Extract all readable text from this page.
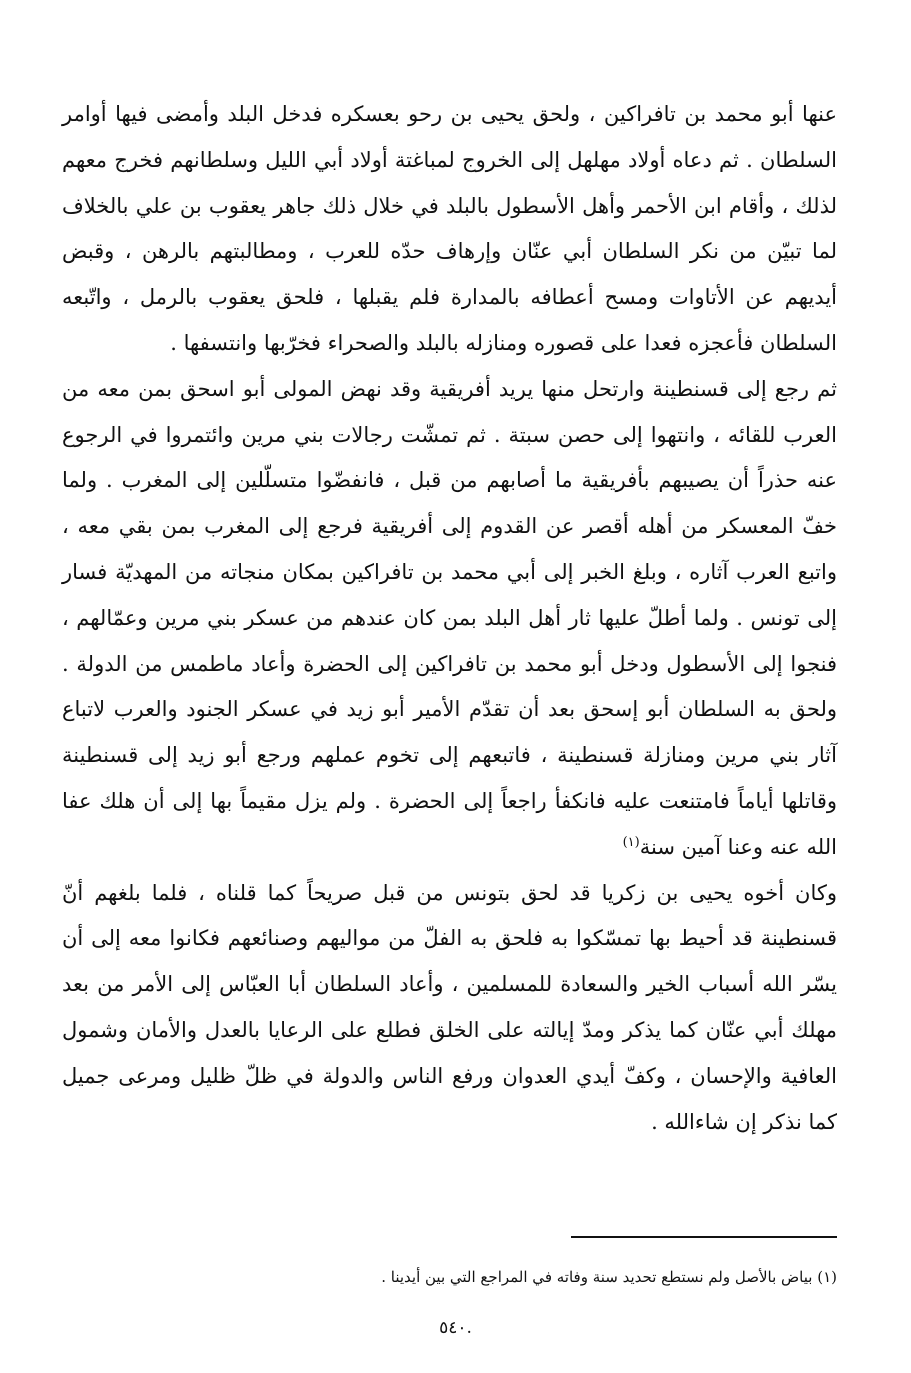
عنها أبو محمد بن تافراكين ، ولحق يحيى بن رحو بعسكره فدخل البلد وأمضى فيها أوامر السلطان . ثم دعاه أولاد مهلهل إلى الخروج لمباغتة أولاد أبي الليل وسلطانهم فخرج معهم لذلك ، وأقام ابن الأحمر وأهل الأسطول بالبلد في خلال ذلك جاهر يعقوب بن علي بالخلاف لما تبيّن من نكر السلطان أبي عنّان وإرهاف حدّه للعرب ، ومطالبتهم بالرهن ، وقبض أيديهم عن الأتاوات ومسح أعطافه بالمدارة فلم يقبلها ، فلحق يعقوب بالرمل ، واتّبعه السلطان فأعجزه فعدا على قصوره ومنازله بالبلد والصحراء فخرّبها وانتسفها .

ثم رجع إلى قسنطينة وارتحل منها يريد أفريقية وقد نهض المولى أبو اسحق بمن معه من العرب للقائه ، وانتهوا إلى حصن سبتة . ثم تمشّت رجالات بني مرين وائتمروا في الرجوع عنه حذراً أن يصيبهم بأفريقية ما أصابهم من قبل ، فانفضّوا متسلّلين إلى المغرب . ولما خفّ المعسكر من أهله أقصر عن القدوم إلى أفريقية فرجع إلى المغرب بمن بقي معه ، واتبع العرب آثاره ، وبلغ الخبر إلى أبي محمد بن تافراكين بمكان منجاته من المهديّة فسار إلى تونس . ولما أطلّ عليها ثار أهل البلد بمن كان عندهم من عسكر بني مرين وعمّالهم ، فنجوا إلى الأسطول ودخل أبو محمد بن تافراكين إلى الحضرة وأعاد ماطمس من الدولة . ولحق به السلطان أبو إسحق بعد أن تقدّم الأمير أبو زيد في عسكر الجنود والعرب لاتباع آثار بني مرين ومنازلة قسنطينة ، فاتبعهم إلى تخوم عملهم ورجع أبو زيد إلى قسنطينة وقاتلها أياماً فامتنعت عليه فانكفأ راجعاً إلى الحضرة . ولم يزل مقيماً بها إلى أن هلك عفا الله عنه وعنا آمين سنة$^{(١)}$

وكان أخوه يحيى بن زكريا قد لحق بتونس من قبل صريحاً كما قلناه ، فلما بلغهم أنّ قسنطينة قد أحيط بها تمسّكوا به فلحق به الفلّ من مواليهم وصنائعهم فكانوا معه إلى أن يسّر الله أسباب الخير والسعادة للمسلمين ، وأعاد السلطان أبا العبّاس إلى الأمر من بعد مهلك أبي عنّان كما يذكر ومدّ إيالته على الخلق فطلع على الرعايا بالعدل والأمان وشمول العافية والإحسان ، وكفّ أيدي العدوان ورفع الناس والدولة في ظلّ ظليل ومرعى جميل كما نذكر إن شاءالله .

(١) بياض بالأصل ولم نستطع تحديد سنة وفاته في المراجع التي بين أيدينا .
٥٤٠.
